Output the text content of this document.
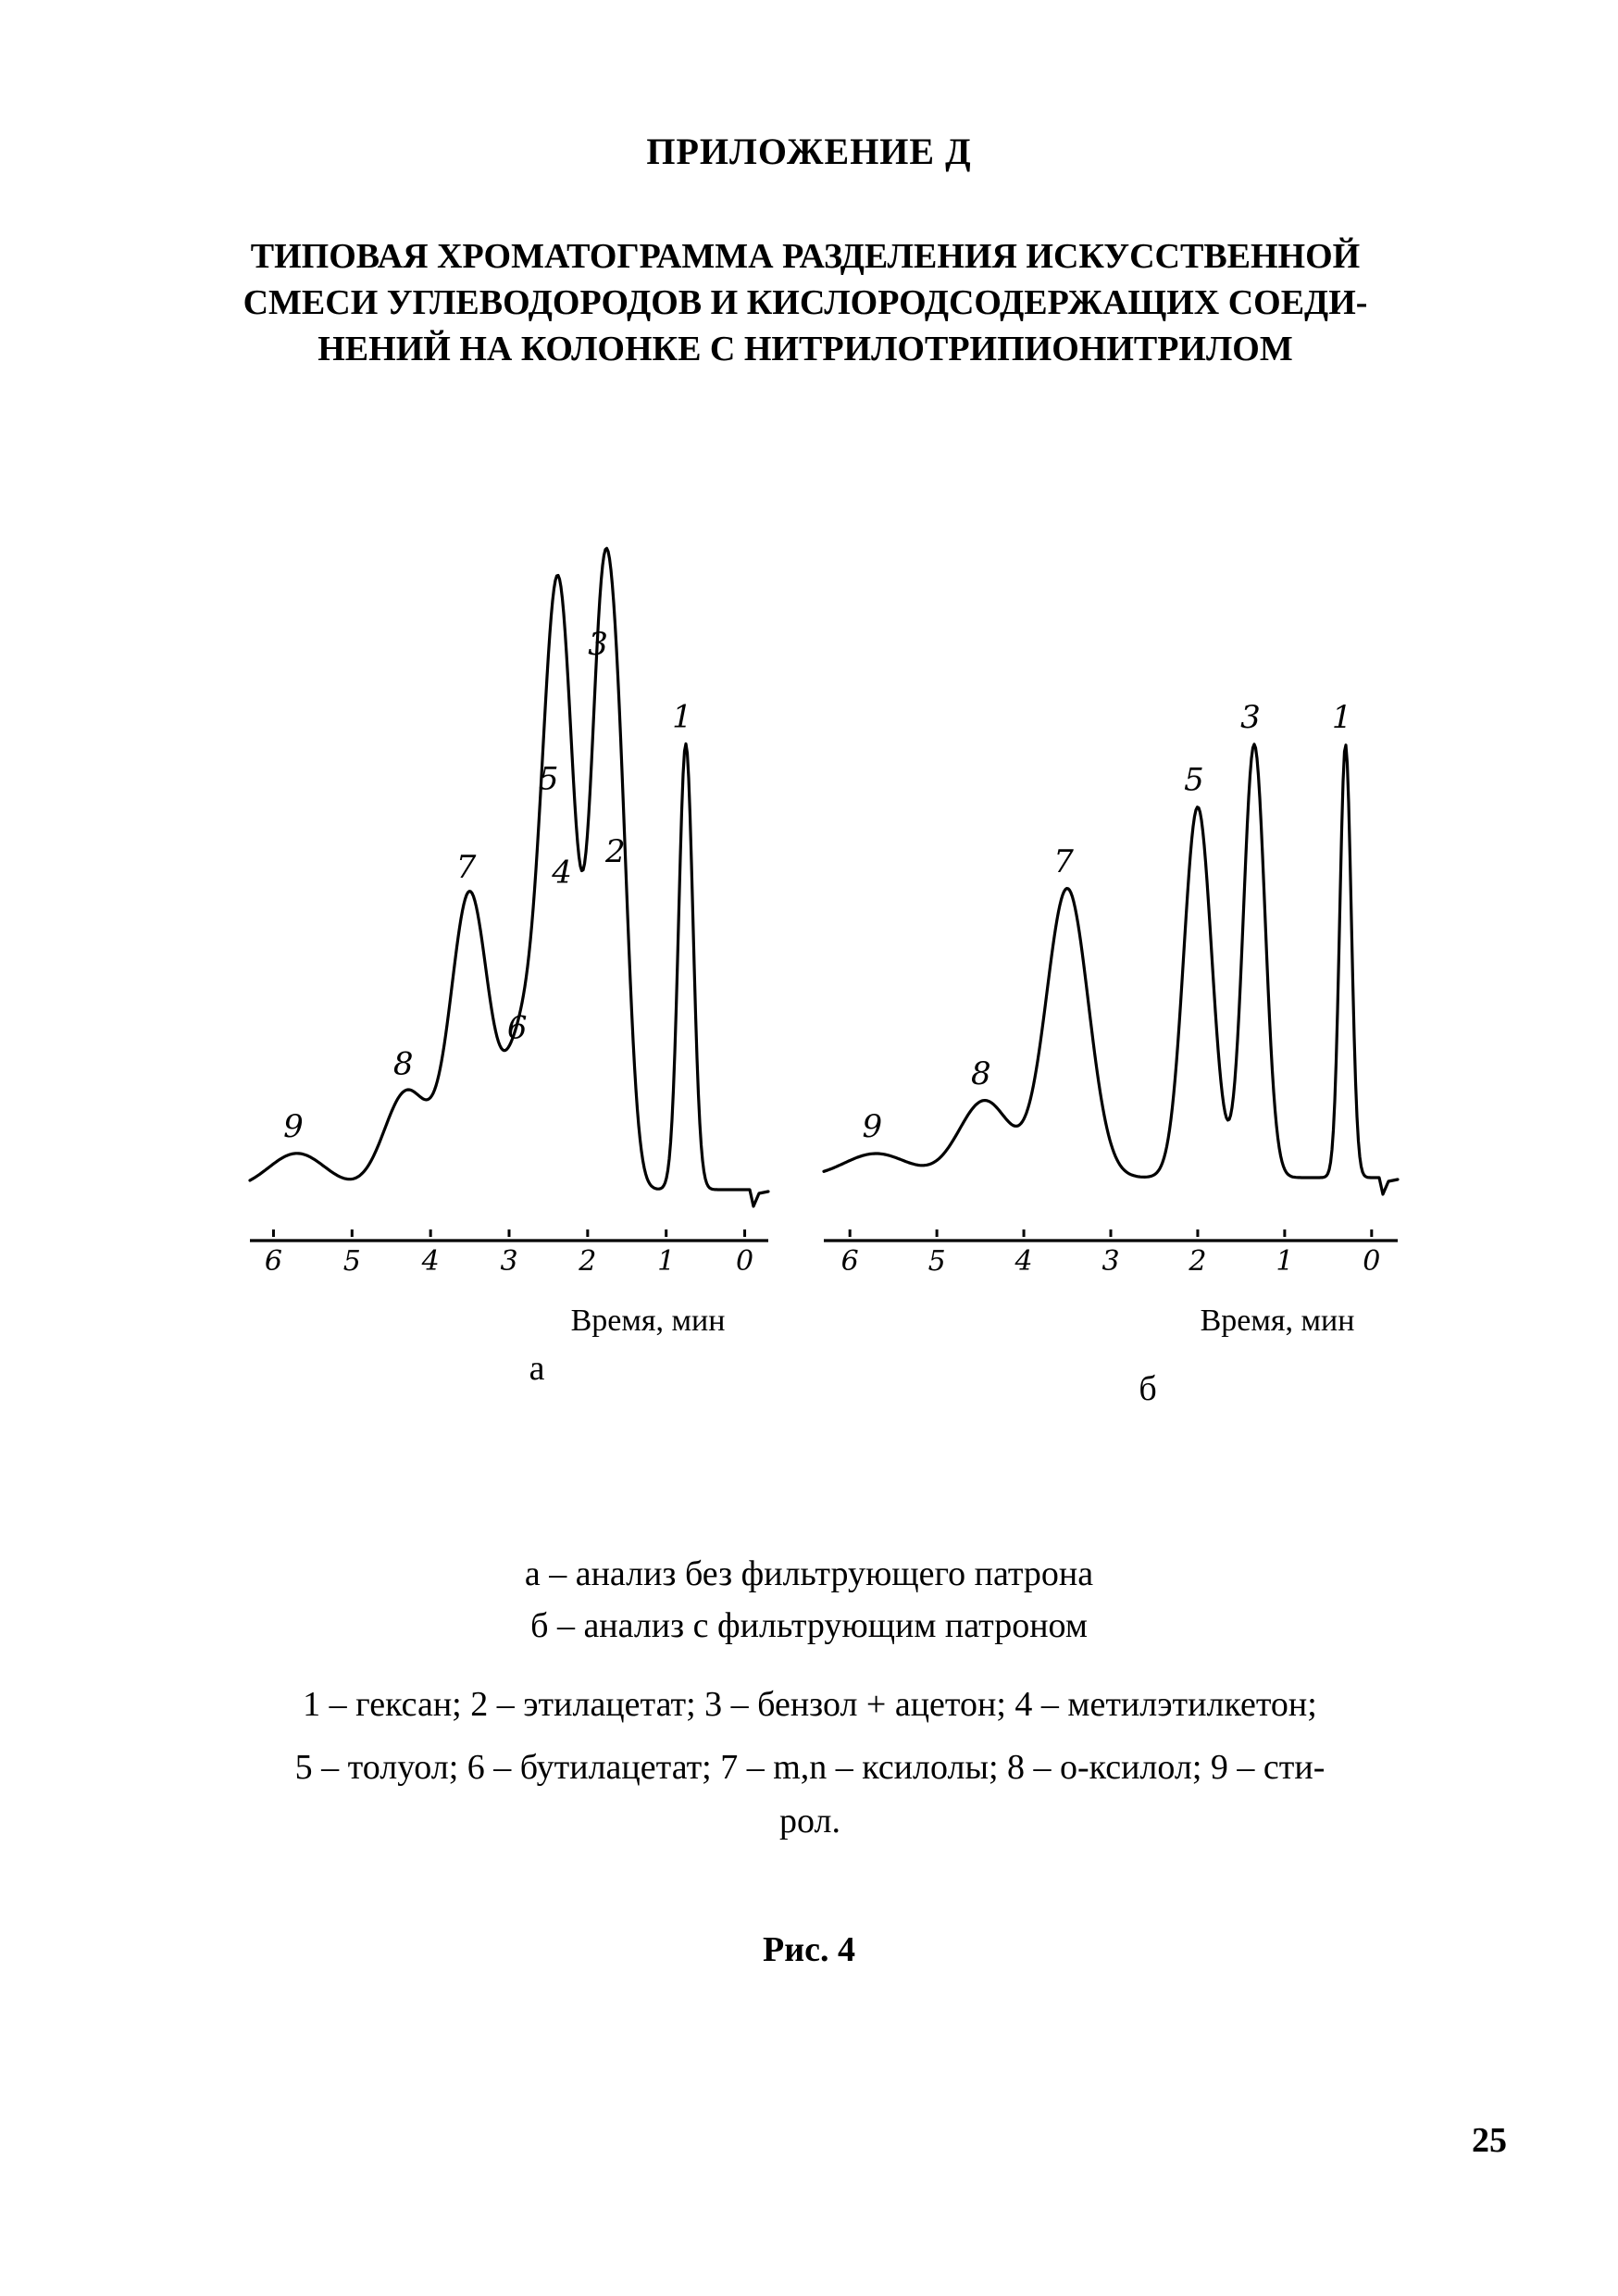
ПРИЛОЖЕНИЕ Д
ТИПОВАЯ ХРОМАТОГРАММА РАЗДЕЛЕНИЯ ИСКУССТВЕННОЙ
СМЕСИ УГЛЕВОДОРОДОВ И КИСЛОРОДСОДЕРЖАЩИХ СОЕДИ-
НЕНИЙ НА КОЛОНКЕ С НИТРИЛОТРИПИОНИТРИЛОМ
9
8
7
6
5
4
3
2
1
6 5 4 3 2 1 0
Время, мин
а
9
8
7
5
3 1
6 5 4 3 2 1 0
Время, мин
б
а – анализ без фильтрующего патрона
б – анализ с фильтрующим патроном
1 – гексан; 2 – этилацетат; 3 – бензол + ацетон; 4 – метилэтилкетон;
5 – толуол; 6 – бутилацетат; 7 – m,n – ксилолы; 8 – о-ксилол; 9 – сти-
рол.
Рис. 4
25
